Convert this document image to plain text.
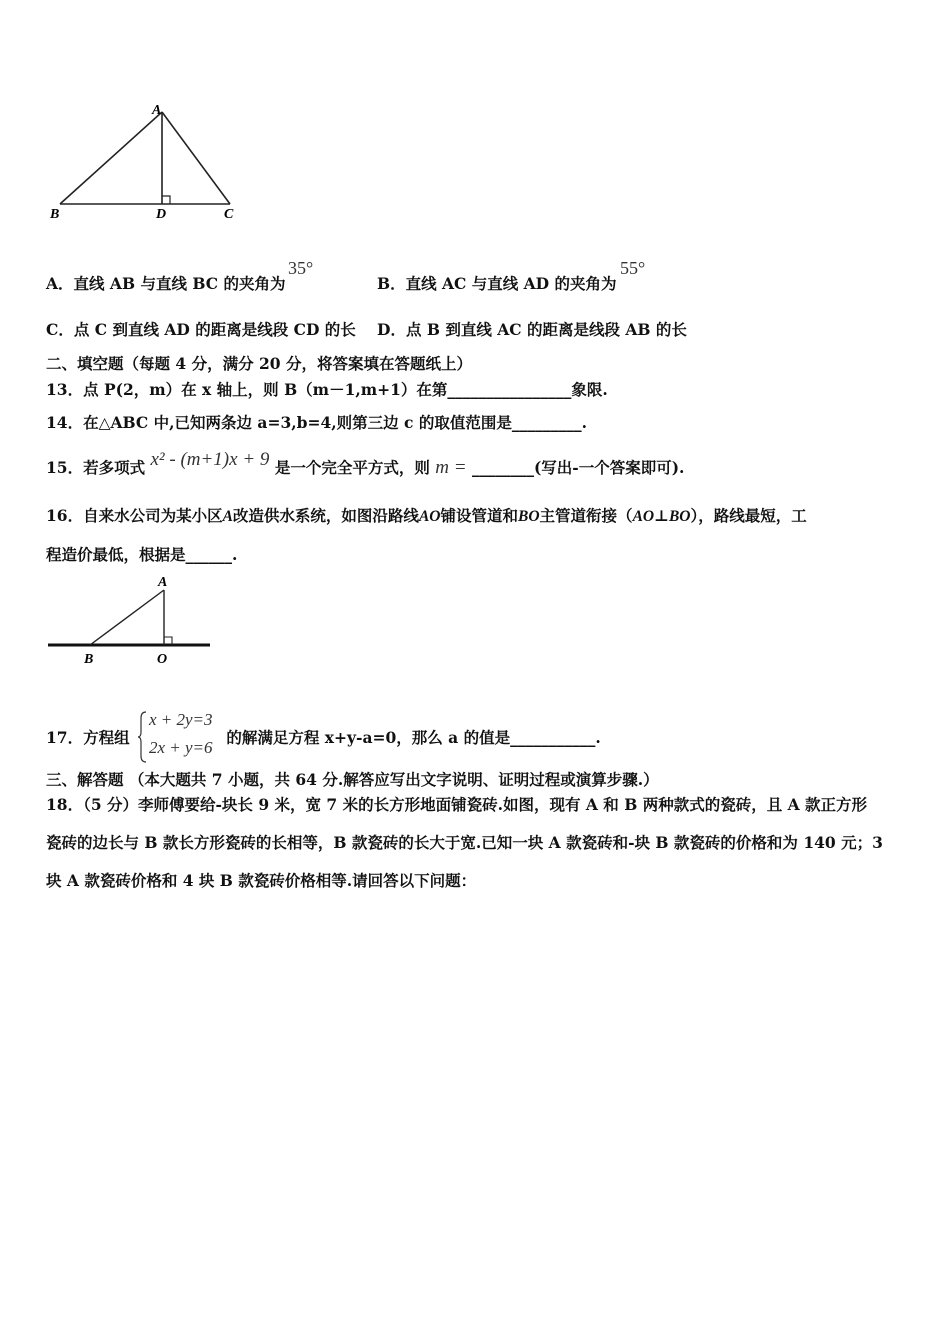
A
B	D	C
A．直线 AB 与直线 BC 的夹角为
35°
B．直线 AC 与直线 AD 的夹角为
55°
C．点 C 到直线 AD 的距离是线段 CD 的长 D．点 B 到直线 AC 的距离是线段 AB 的长
二、填空题（每题 4 分，满分 20 分，将答案填在答题纸上）
13．点 P(2，m）在 x 轴上，则 B（m－1,m+1）在第________________象限.
14．在△ABC 中,已知两条边 a=3,b=4,则第三边 c 的取值范围是_________.
15．若多项式 x² - (m+1)x + 9 是一个完全平方式，则 m = ________(写出-一个答案即可).
16．自来水公司为某小区A改造供水系统，如图沿路线AO铺设管道和BO主管道衔接（AO⊥BO），路线最短，工
程造价最低，根据是______.
A
B	O
17．方程组
x + 2y=3
2x + y=6
的解满足方程 x+y-a=0，那么 a 的值是___________.
三、解答题 （本大题共 7 小题，共 64 分.解答应写出文字说明、证明过程或演算步骤.）
18．（5 分）李师傅要给-块长 9 米，宽 7 米的长方形地面铺瓷砖.如图，现有 A 和 B 两种款式的瓷砖，且 A 款正方形
瓷砖的边长与 B 款长方形瓷砖的长相等，B 款瓷砖的长大于宽.已知一块 A 款瓷砖和-块 B 款瓷砖的价格和为 140 元；3
块 A 款瓷砖价格和 4 块 B 款瓷砖价格相等.请回答以下问题：
